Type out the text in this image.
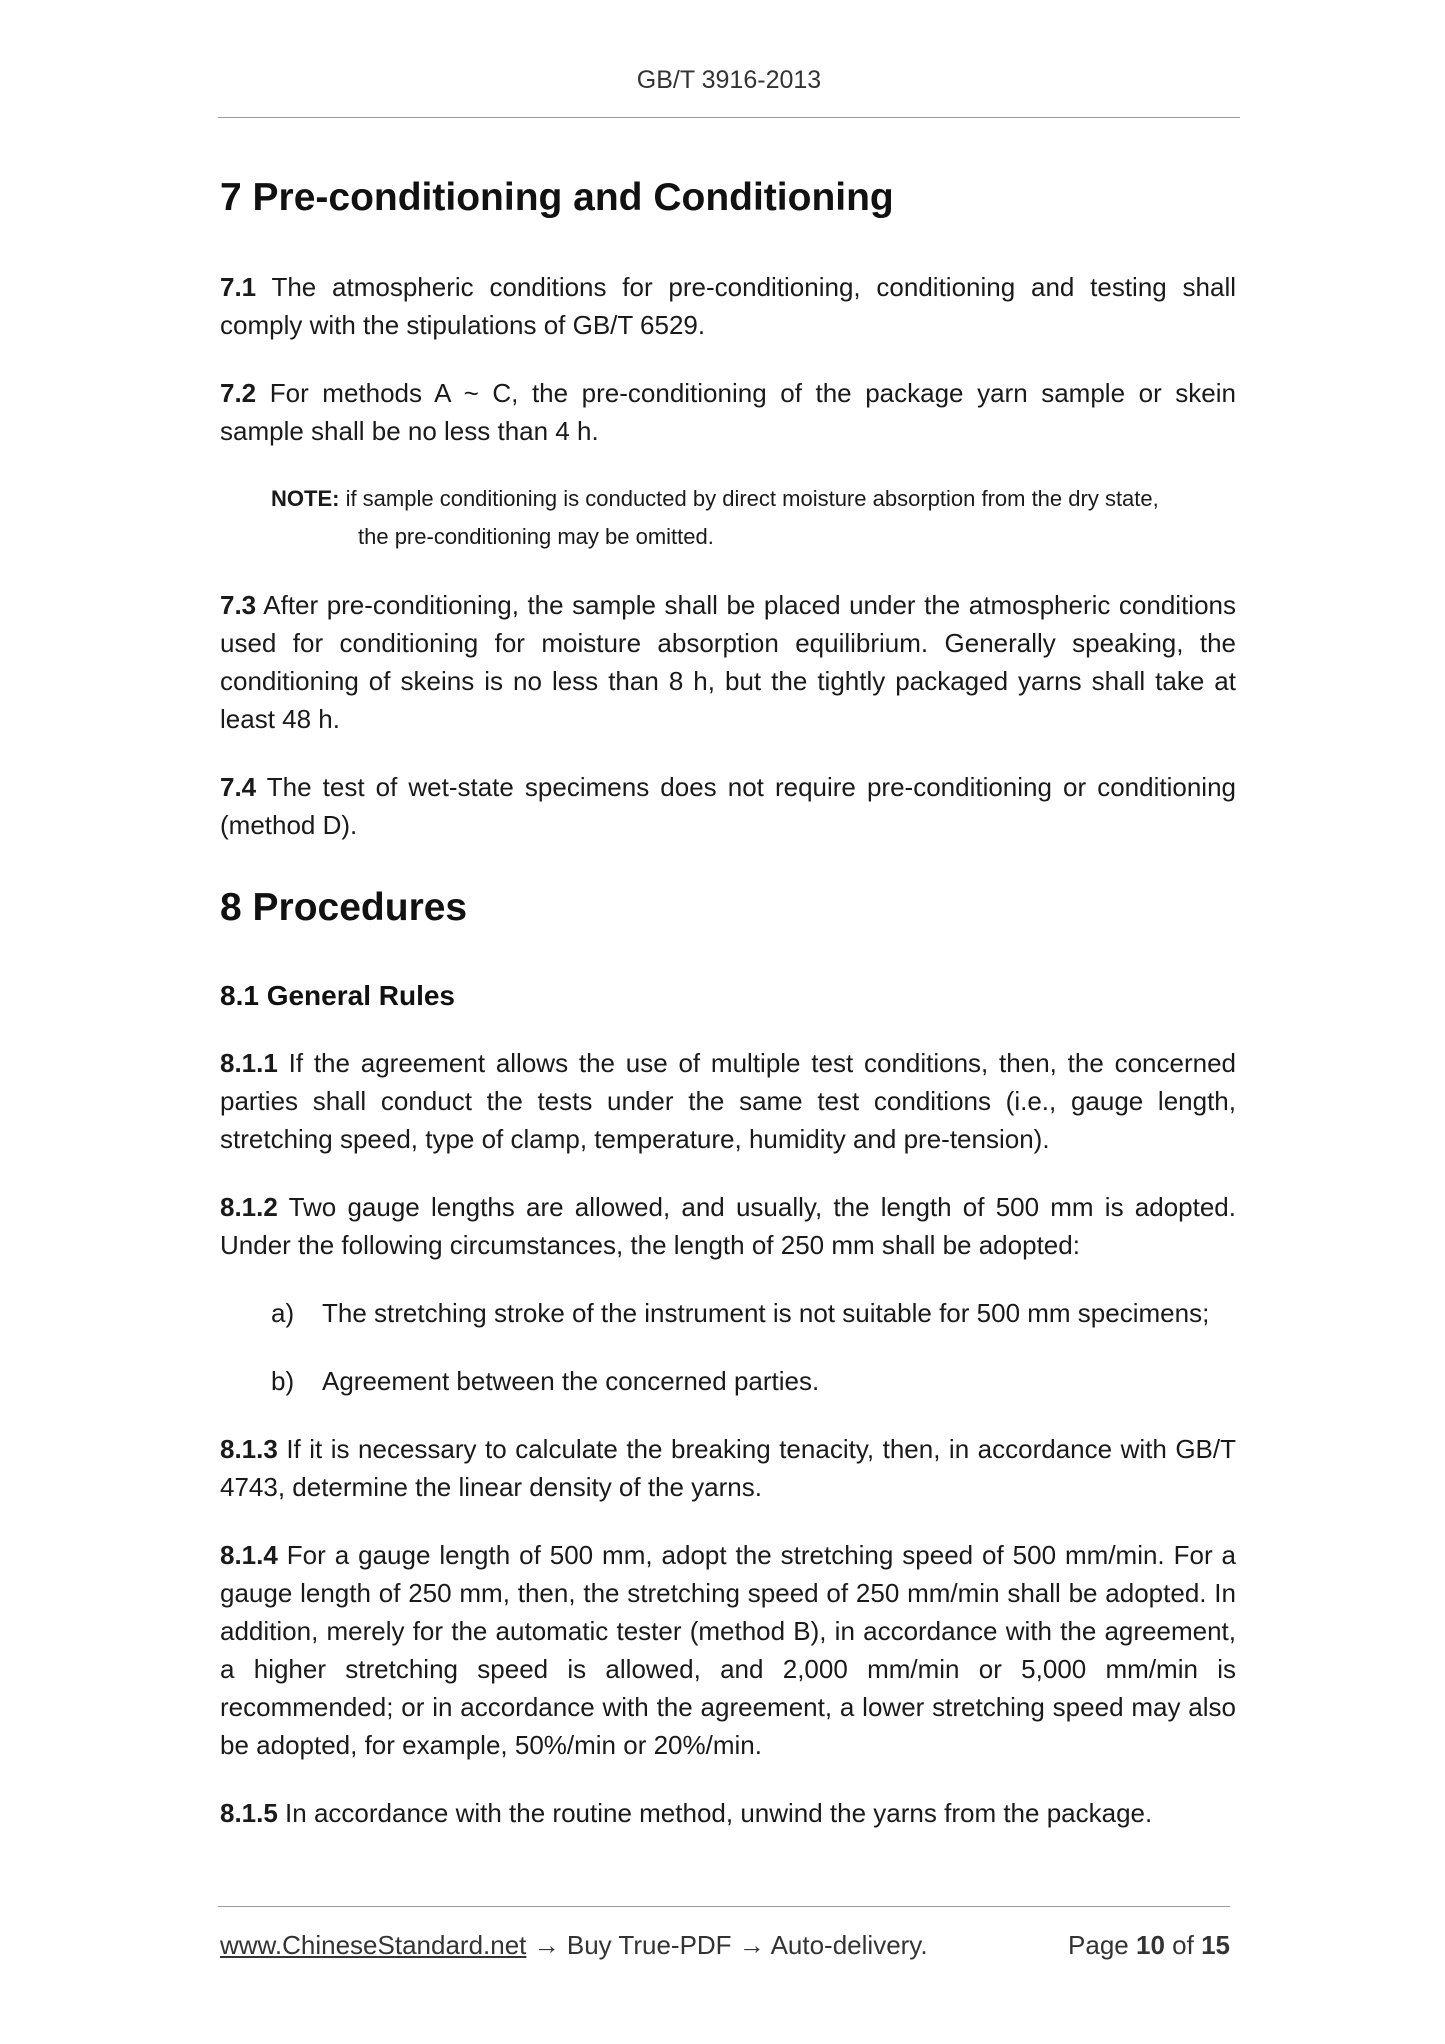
GB/T 3916-2013
7 Pre-conditioning and Conditioning
7.1 The atmospheric conditions for pre-conditioning, conditioning and testing shall comply with the stipulations of GB/T 6529.
7.2 For methods A ~ C, the pre-conditioning of the package yarn sample or skein sample shall be no less than 4 h.
NOTE: if sample conditioning is conducted by direct moisture absorption from the dry state,
the pre-conditioning may be omitted.
7.3 After pre-conditioning, the sample shall be placed under the atmospheric conditions used for conditioning for moisture absorption equilibrium. Generally speaking, the conditioning of skeins is no less than 8 h, but the tightly packaged yarns shall take at least 48 h.
7.4 The test of wet-state specimens does not require pre-conditioning or conditioning (method D).
8 Procedures
8.1 General Rules
8.1.1 If the agreement allows the use of multiple test conditions, then, the concerned parties shall conduct the tests under the same test conditions (i.e., gauge length, stretching speed, type of clamp, temperature, humidity and pre-tension).
8.1.2 Two gauge lengths are allowed, and usually, the length of 500 mm is adopted. Under the following circumstances, the length of 250 mm shall be adopted:
a) The stretching stroke of the instrument is not suitable for 500 mm specimens;
b) Agreement between the concerned parties.
8.1.3 If it is necessary to calculate the breaking tenacity, then, in accordance with GB/T 4743, determine the linear density of the yarns.
8.1.4 For a gauge length of 500 mm, adopt the stretching speed of 500 mm/min. For a gauge length of 250 mm, then, the stretching speed of 250 mm/min shall be adopted. In addition, merely for the automatic tester (method B), in accordance with the agreement, a higher stretching speed is allowed, and 2,000 mm/min or 5,000 mm/min is recommended; or in accordance with the agreement, a lower stretching speed may also be adopted, for example, 50%/min or 20%/min.
8.1.5 In accordance with the routine method, unwind the yarns from the package.
www.ChineseStandard.net → Buy True-PDF → Auto-delivery.	Page 10 of 15
